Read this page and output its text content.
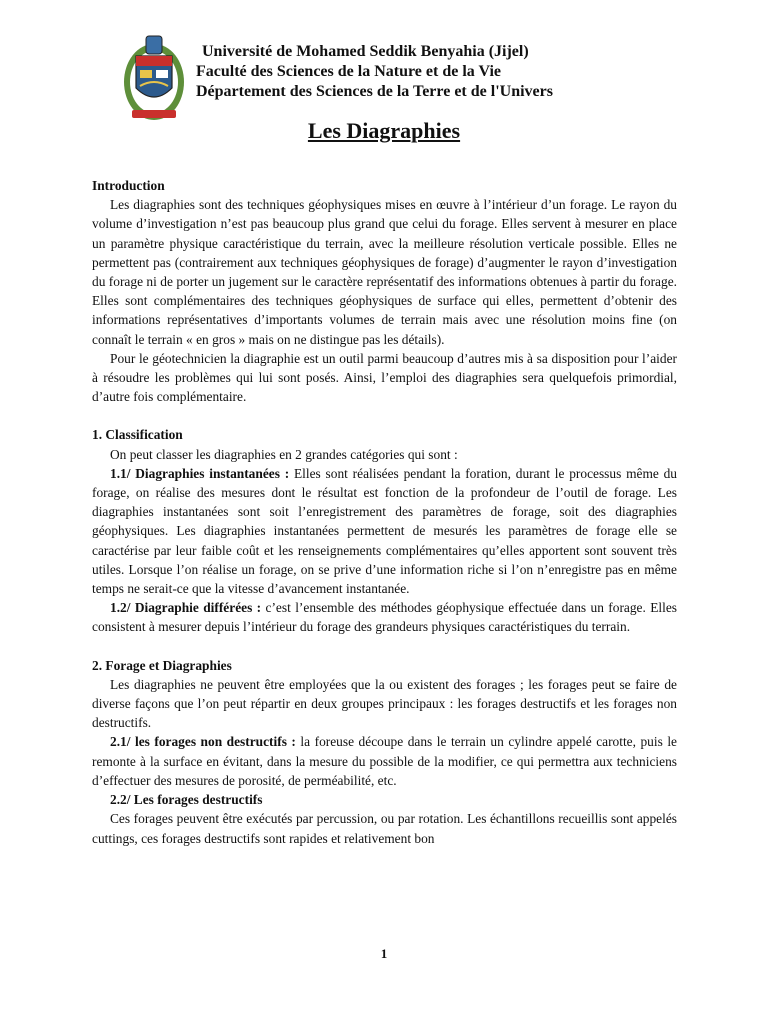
Université de Mohamed Seddik Benyahia (Jijel)
Faculté des Sciences de la Nature et de la Vie
Département des Sciences de la Terre et de l'Univers
Les Diagraphies
Introduction

Les diagraphies sont des techniques géophysiques mises en œuvre à l’intérieur d’un forage. Le rayon du volume d’investigation n’est pas beaucoup plus grand que celui du forage. Elles servent à mesurer en place un paramètre physique caractéristique du terrain, avec la meilleure résolution verticale possible. Elles ne permettent pas (contrairement aux techniques géophysiques de forage) d’augmenter le rayon d’investigation du forage ni de porter un jugement sur le caractère représentatif des informations obtenues à partir du forage. Elles sont complémentaires des techniques géophysiques de surface qui elles, permettent d’obtenir des informations représentatives d’importants volumes de terrain mais avec une résolution moins fine (on connaît le terrain « en gros » mais on ne distingue pas les détails).

Pour le géotechnicien la diagraphie est un outil parmi beaucoup d’autres mis à sa disposition pour l’aider à résoudre les problèmes qui lui sont posés. Ainsi, l’emploi des diagraphies sera quelquefois primordial, d’autre fois complémentaire.

1. Classification

On peut classer les diagraphies en 2 grandes catégories qui sont :

1.1/ Diagraphies instantanées : Elles sont réalisées pendant la foration, durant le processus même du forage, on réalise des mesures dont le résultat est fonction de la profondeur de l’outil de forage. Les diagraphies instantanées sont soit l’enregistrement des paramètres de forage, soit des diagraphies géophysiques. Les diagraphies instantanées permettent de mesurés les paramètres de forage elle se caractérise par leur faible coût et les renseignements complémentaires qu’elles apportent sont souvent très utiles. Lorsque l’on réalise un forage, on se prive d’une information riche si l’on n’enregistre pas en même temps ne serait-ce que la vitesse d’avancement instantanée.

1.2/ Diagraphie différées : c’est l’ensemble des méthodes géophysique effectuée dans un forage. Elles consistent à mesurer depuis l’intérieur du forage des grandeurs physiques caractéristiques du terrain.

2. Forage et Diagraphies

Les diagraphies ne peuvent être employées que la ou existent des forages ; les forages peut se faire de diverse façons que l’on peut répartir en deux groupes principaux : les forages destructifs et les forages non destructifs.

2.1/ les forages non destructifs : la foreuse découpe dans le terrain un cylindre appelé carotte, puis le remonte à la surface en évitant, dans la mesure du possible de la modifier, ce qui permettra aux techniciens d’effectuer des mesures de porosité, de perméabilité, etc.

2.2/ Les forages destructifs

Ces forages peuvent être exécutés par percussion, ou par rotation. Les échantillons recueillis sont appelés cuttings, ces forages destructifs sont rapides et relativement bon

1
